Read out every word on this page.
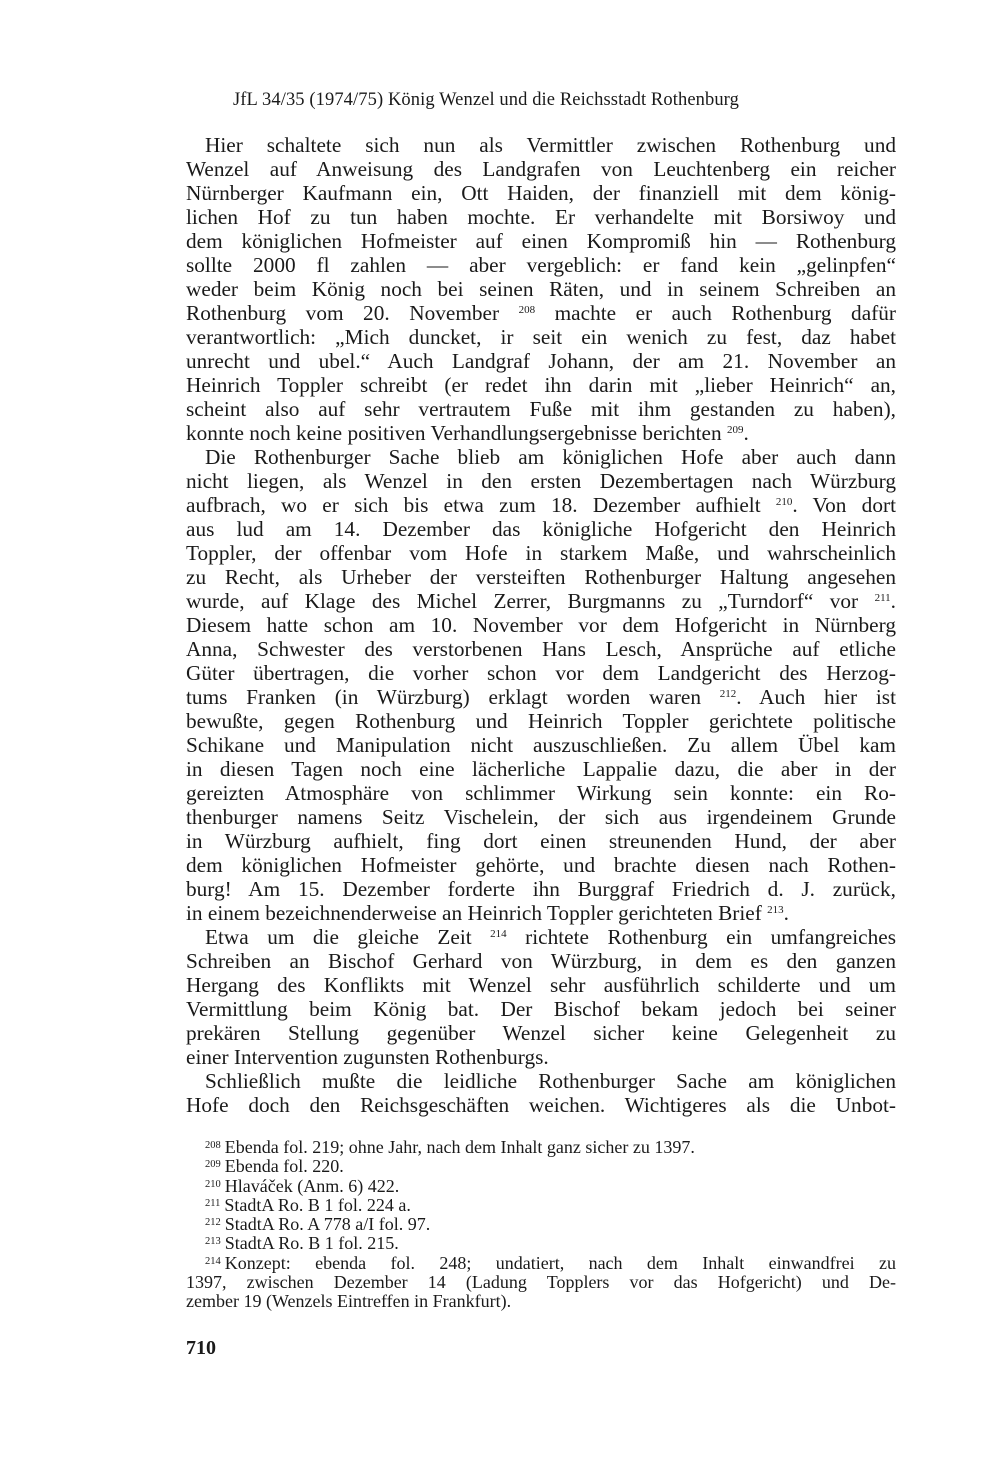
JfL 34/35 (1974/75) König Wenzel und die Reichsstadt Rothenburg
Hier schaltete sich nun als Vermittler zwischen Rothenburg und
Wenzel auf Anweisung des Landgrafen von Leuchtenberg ein reicher
Nürnberger Kaufmann ein, Ott Haiden, der finanziell mit dem könig-
lichen Hof zu tun haben mochte. Er verhandelte mit Borsiwoy und
dem königlichen Hofmeister auf einen Kompromiß hin — Rothenburg
sollte 2000 fl zahlen — aber vergeblich: er fand kein „gelinpfen“
weder beim König noch bei seinen Räten, und in seinem Schreiben an
Rothenburg vom 20. November $^{208}$ machte er auch Rothenburg dafür
verantwortlich: „Mich duncket, ir seit ein wenich zu fest, daz habet
unrecht und ubel.“ Auch Landgraf Johann, der am 21. November an
Heinrich Toppler schreibt (er redet ihn darin mit „lieber Heinrich“ an,
scheint also auf sehr vertrautem Fuße mit ihm gestanden zu haben),
konnte noch keine positiven Verhandlungsergebnisse berichten $^{209}$.
Die Rothenburger Sache blieb am königlichen Hofe aber auch dann
nicht liegen, als Wenzel in den ersten Dezembertagen nach Würzburg
aufbrach, wo er sich bis etwa zum 18. Dezember aufhielt $^{210}$. Von dort
aus lud am 14. Dezember das königliche Hofgericht den Heinrich
Toppler, der offenbar vom Hofe in starkem Maße, und wahrscheinlich
zu Recht, als Urheber der versteiften Rothenburger Haltung angesehen
wurde, auf Klage des Michel Zerrer, Burgmanns zu „Turndorf“ vor $^{211}$.
Diesem hatte schon am 10. November vor dem Hofgericht in Nürnberg
Anna, Schwester des verstorbenen Hans Lesch, Ansprüche auf etliche
Güter übertragen, die vorher schon vor dem Landgericht des Herzog-
tums Franken (in Würzburg) erklagt worden waren $^{212}$. Auch hier ist
bewußte, gegen Rothenburg und Heinrich Toppler gerichtete politische
Schikane und Manipulation nicht auszuschließen. Zu allem Übel kam
in diesen Tagen noch eine lächerliche Lappalie dazu, die aber in der
gereizten Atmosphäre von schlimmer Wirkung sein konnte: ein Ro-
thenburger namens Seitz Vischelein, der sich aus irgendeinem Grunde
in Würzburg aufhielt, fing dort einen streunenden Hund, der aber
dem königlichen Hofmeister gehörte, und brachte diesen nach Rothen-
burg! Am 15. Dezember forderte ihn Burggraf Friedrich d. J. zurück,
in einem bezeichnenderweise an Heinrich Toppler gerichteten Brief $^{213}$.
Etwa um die gleiche Zeit $^{214}$ richtete Rothenburg ein umfangreiches
Schreiben an Bischof Gerhard von Würzburg, in dem es den ganzen
Hergang des Konflikts mit Wenzel sehr ausführlich schilderte und um
Vermittlung beim König bat. Der Bischof bekam jedoch bei seiner
prekären Stellung gegenüber Wenzel sicher keine Gelegenheit zu
einer Intervention zugunsten Rothenburgs.
Schließlich mußte die leidliche Rothenburger Sache am königlichen
Hofe doch den Reichsgeschäften weichen. Wichtigeres als die Unbot-
$^{208}$ Ebenda fol. 219; ohne Jahr, nach dem Inhalt ganz sicher zu 1397.
$^{209}$ Ebenda fol. 220.
$^{210}$ Hlaváček (Anm. 6) 422.
$^{211}$ StadtA Ro. B 1 fol. 224 a.
$^{212}$ StadtA Ro. A 778 a/I fol. 97.
$^{213}$ StadtA Ro. B 1 fol. 215.
$^{214}$ Konzept: ebenda fol. 248; undatiert, nach dem Inhalt einwandfrei zu
1397, zwischen Dezember 14 (Ladung Topplers vor das Hofgericht) und De-
zember 19 (Wenzels Eintreffen in Frankfurt).
710
